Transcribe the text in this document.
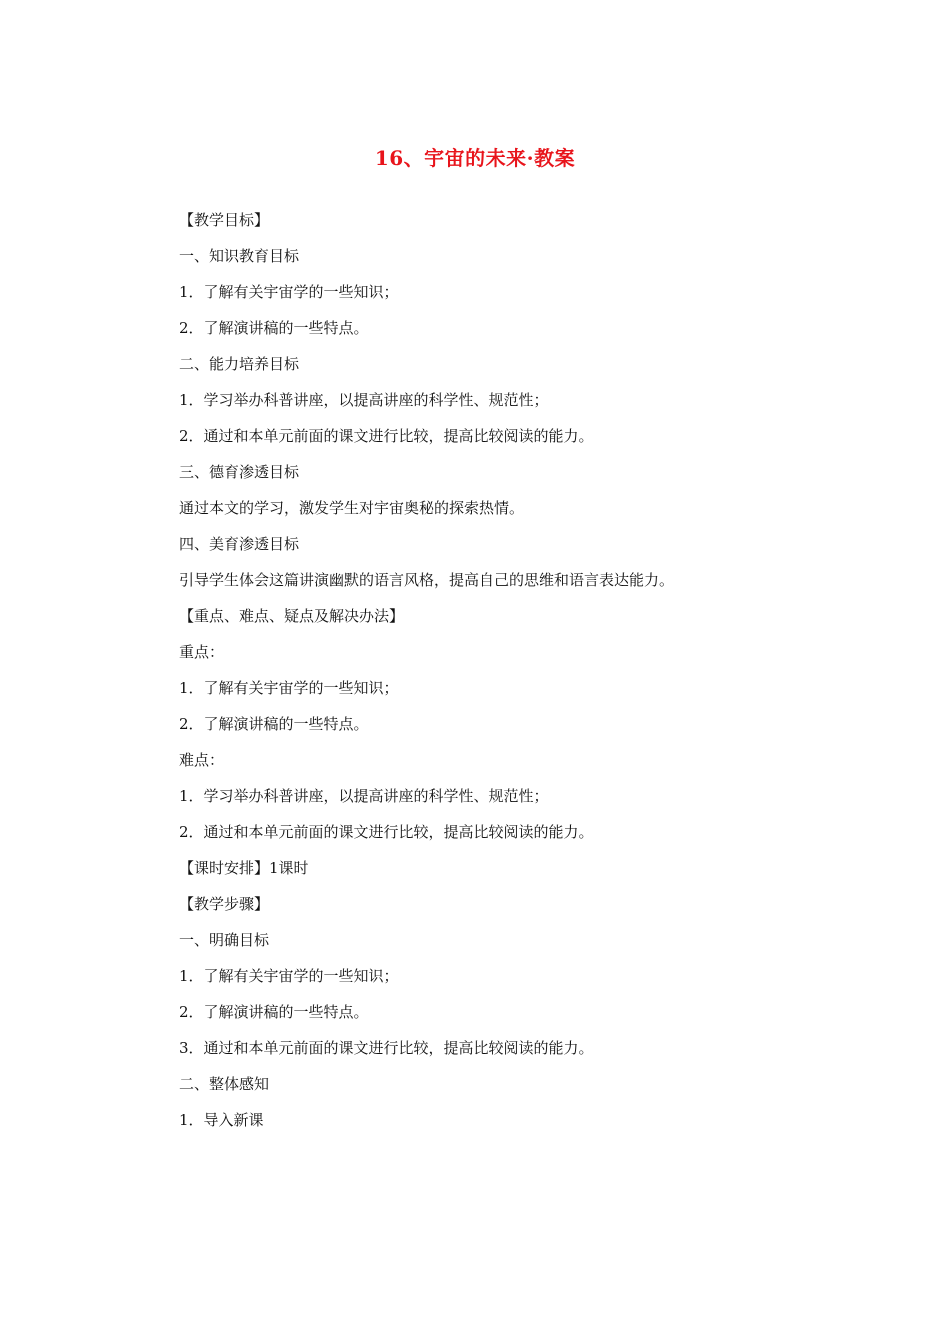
16、宇宙的未来·教案
【教学目标】
一、知识教育目标
1．了解有关宇宙学的一些知识；
2．了解演讲稿的一些特点。
二、能力培养目标
1．学习举办科普讲座，以提高讲座的科学性、规范性；
2．通过和本单元前面的课文进行比较，提高比较阅读的能力。
三、德育渗透目标
通过本文的学习，激发学生对宇宙奥秘的探索热情。
四、美育渗透目标
引导学生体会这篇讲演幽默的语言风格，提高自己的思维和语言表达能力。
【重点、难点、疑点及解决办法】
重点：
1．了解有关宇宙学的一些知识；
2．了解演讲稿的一些特点。
难点：
1．学习举办科普讲座，以提高讲座的科学性、规范性；
2．通过和本单元前面的课文进行比较，提高比较阅读的能力。
【课时安排】1课时
【教学步骤】
一、明确目标
1．了解有关宇宙学的一些知识；
2．了解演讲稿的一些特点。
3．通过和本单元前面的课文进行比较，提高比较阅读的能力。
二、整体感知
1．导入新课
